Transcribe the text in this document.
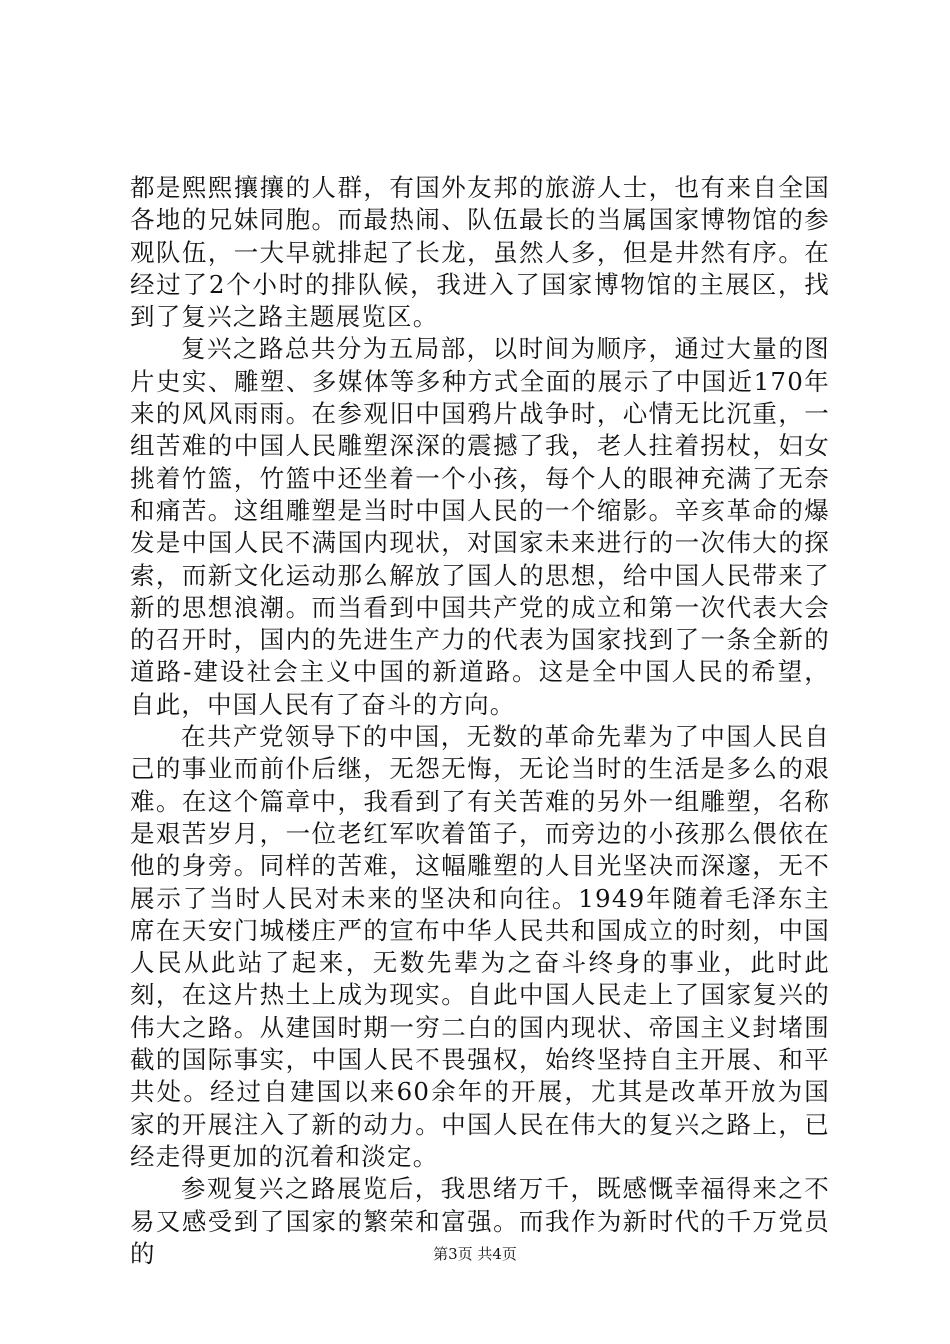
都是熙熙攘攘的人群，有国外友邦的旅游人士，也有来自全国各地的兄妹同胞。而最热闹、队伍最长的当属国家博物馆的参观队伍，一大早就排起了长龙，虽然人多，但是井然有序。在经过了2个小时的排队候，我进入了国家博物馆的主展区，找到了复兴之路主题展览区。

复兴之路总共分为五局部，以时间为顺序，通过大量的图片史实、雕塑、多媒体等多种方式全面的展示了中国近170年来的风风雨雨。在参观旧中国鸦片战争时，心情无比沉重，一组苦难的中国人民雕塑深深的震撼了我，老人拄着拐杖，妇女挑着竹篮，竹篮中还坐着一个小孩，每个人的眼神充满了无奈和痛苦。这组雕塑是当时中国人民的一个缩影。辛亥革命的爆发是中国人民不满国内现状，对国家未来进行的一次伟大的探索，而新文化运动那么解放了国人的思想，给中国人民带来了新的思想浪潮。而当看到中国共产党的成立和第一次代表大会的召开时，国内的先进生产力的代表为国家找到了一条全新的道路-建设社会主义中国的新道路。这是全中国人民的希望，自此，中国人民有了奋斗的方向。

在共产党领导下的中国，无数的革命先辈为了中国人民自己的事业而前仆后继，无怨无悔，无论当时的生活是多么的艰难。在这个篇章中，我看到了有关苦难的另外一组雕塑，名称是艰苦岁月，一位老红军吹着笛子，而旁边的小孩那么偎依在他的身旁。同样的苦难，这幅雕塑的人目光坚决而深邃，无不展示了当时人民对未来的坚决和向往。1949年随着毛泽东主席在天安门城楼庄严的宣布中华人民共和国成立的时刻，中国人民从此站了起来，无数先辈为之奋斗终身的事业，此时此刻，在这片热土上成为现实。自此中国人民走上了国家复兴的伟大之路。从建国时期一穷二白的国内现状、帝国主义封堵围截的国际事实，中国人民不畏强权，始终坚持自主开展、和平共处。经过自建国以来60余年的开展，尤其是改革开放为国家的开展注入了新的动力。中国人民在伟大的复兴之路上，已经走得更加的沉着和淡定。

参观复兴之路展览后，我思绪万千，既感慨幸福得来之不易又感受到了国家的繁荣和富强。而我作为新时代的千万党员的	第3页 共4页
